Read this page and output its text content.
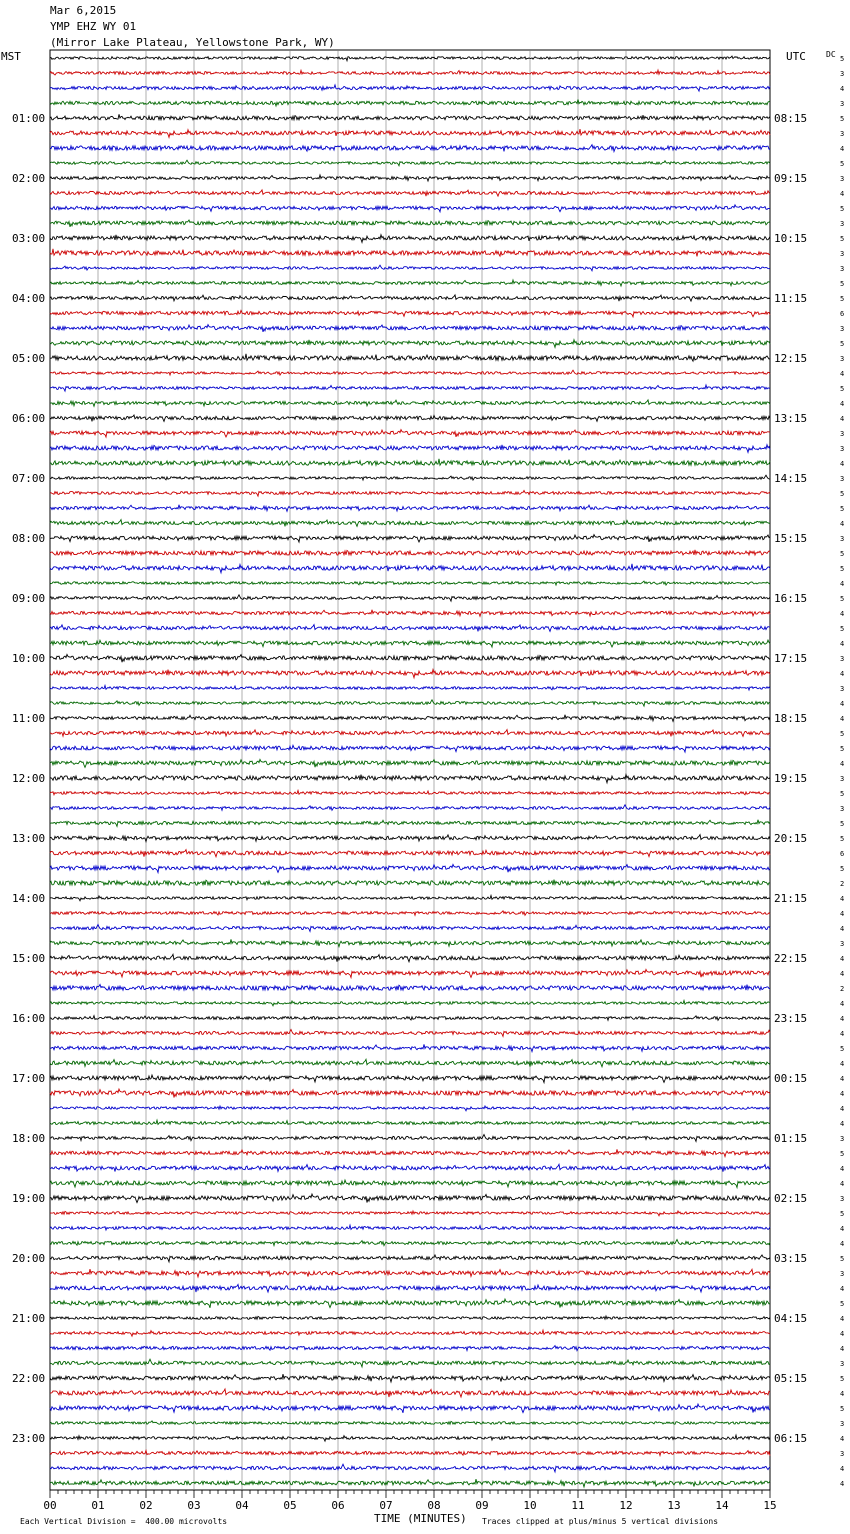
Mar 6,2015
YMP EHZ WY 01
(Mirror Lake Plateau, Yellowstone Park, WY)
MST	UTC	DC 5
3
4
3
5
3
4
5
3
4
5
3
5
3
3
5
5
6
3
5
3
4
5
4
4
3
3
4
3
5
5
4
3
5
5
4
5
4
5
4
3
4
3
4
4
5
5
4
3
5
3
5
5
6
5
2
4
4
4
3
4
4
2
4
4
4
5
4
4
4
4
4
3
5
4
4
3
5
4
4
5
3
4
5
4
4
4
3
5
4
5
3
4
3
4
4
01:00
02:00
03:00
04:00
05:00
06:00
07:00
08:00
09:00
10:00
11:00
12:00
13:00
14:00
15:00
16:00
17:00
18:00
19:00
20:00
21:00
22:00
23:00
08:15
09:15
10:15
11:15
12:15
13:15
14:15
15:15
16:15
17:15
18:15
19:15
20:15
21:15
22:15
23:15
00:15
01:15
02:15
03:15
04:15
05:15
06:15
00	01	02	03	04	05	06	07	08	09	10	11	12	13	14	15
TIME (MINUTES)
Each Vertical Division =  400.00 microvolts	Traces clipped at plus/minus 5 vertical divisions
